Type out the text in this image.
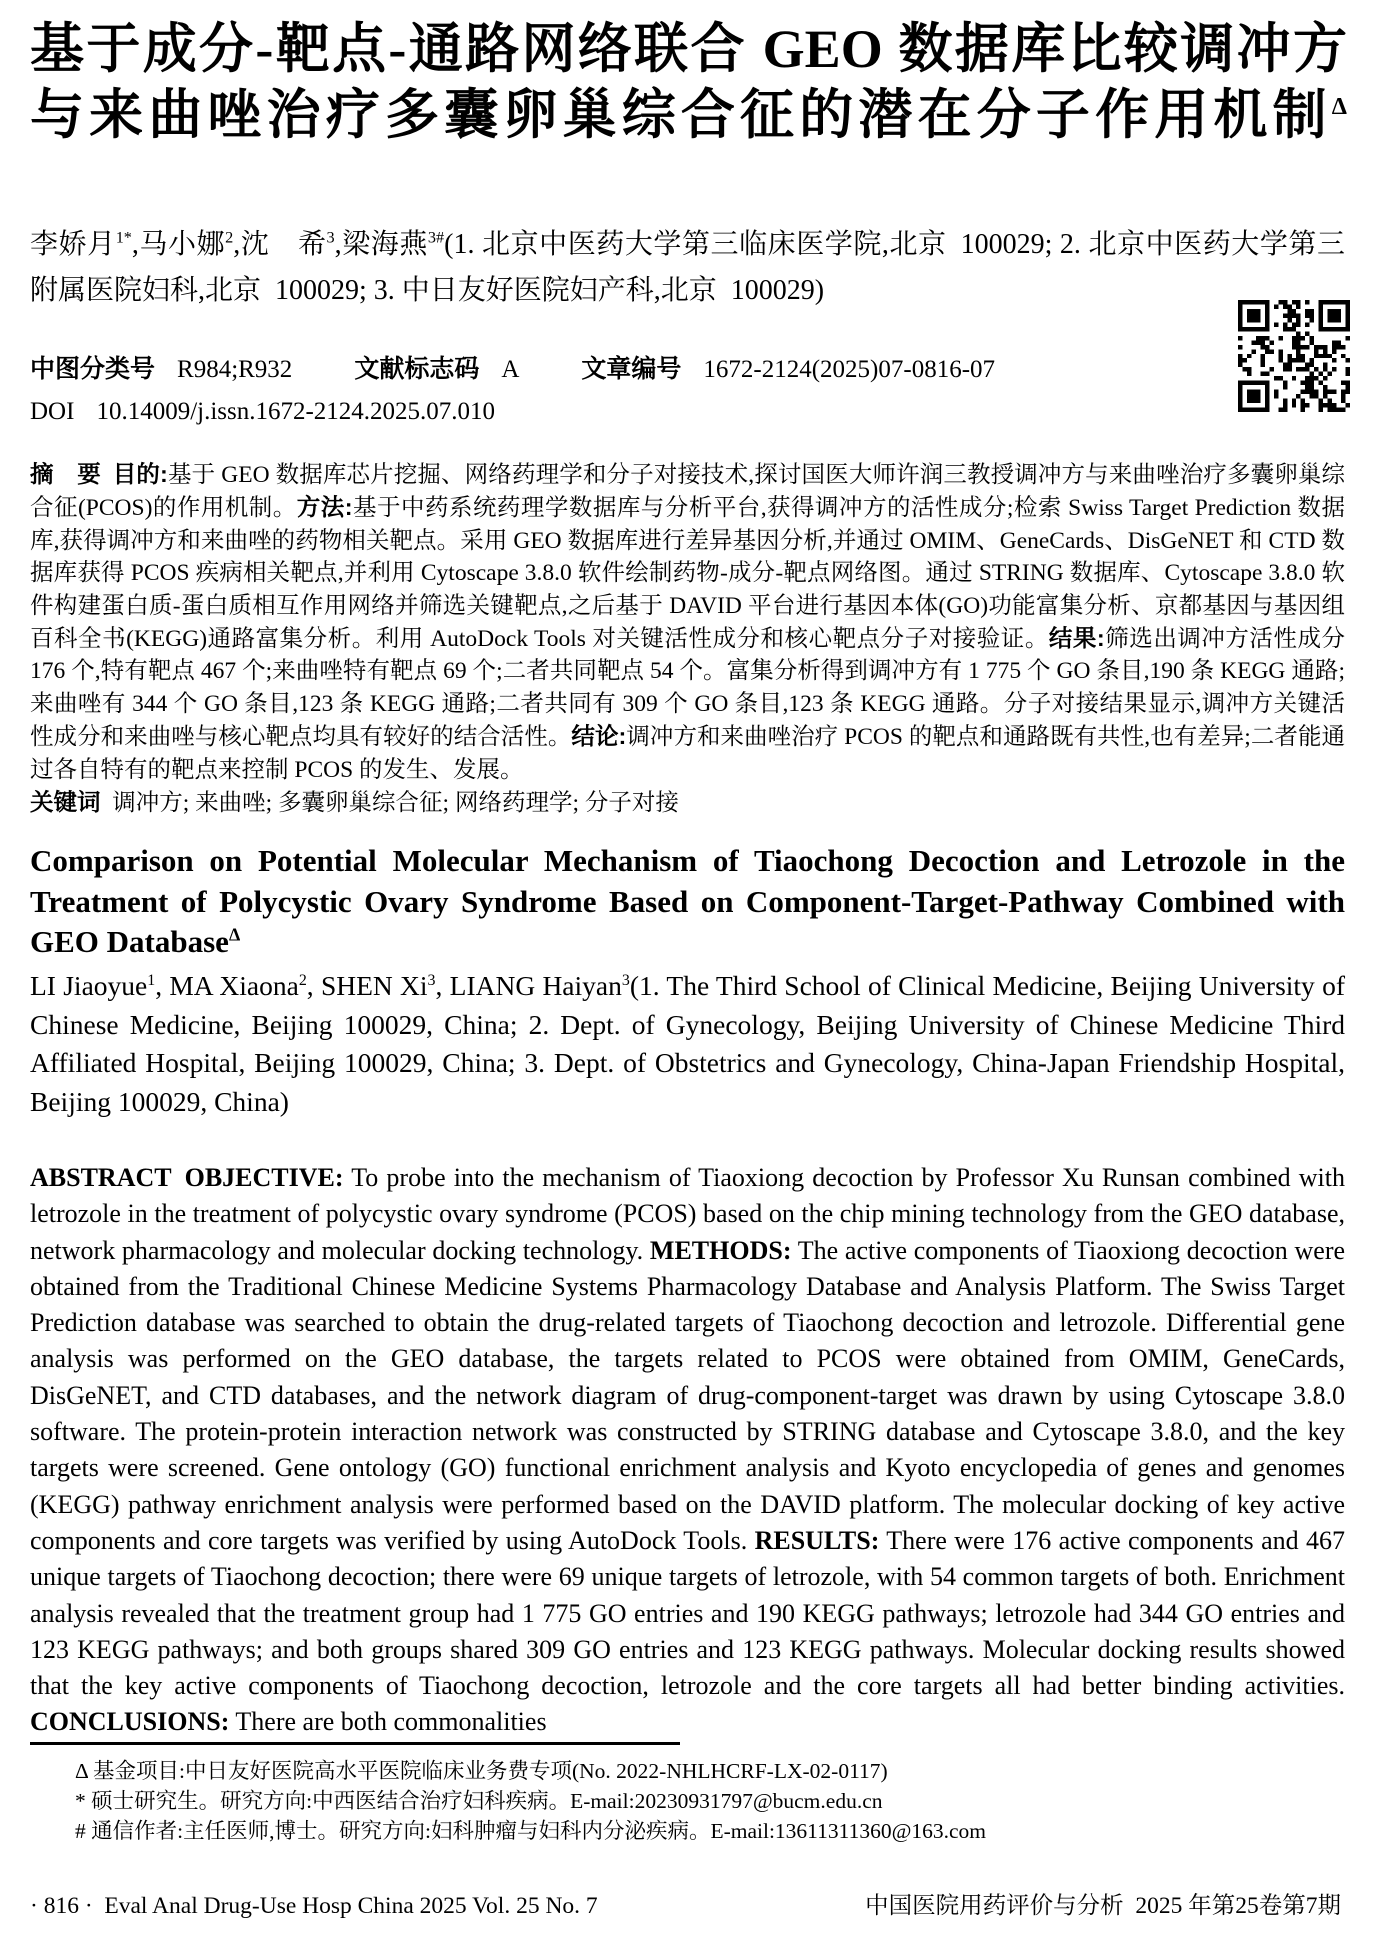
基于成分-靶点-通路网络联合 GEO 数据库比较调冲方
与来曲唑治疗多囊卵巢综合征的潜在分子作用机制$^\Delta$

李娇月$^{1*}$,马小娜$^2$,沈　希$^3$,梁海燕$^{3\#}$(1. 北京中医药大学第三临床医学院,北京 100029; 2. 北京中医药大学第三附属医院妇科,北京 100029; 3. 中日友好医院妇产科,北京 100029)

中图分类号 R984;R932 文献标志码 A 文章编号 1672-2124(2025)07-0816-07
DOI 10.14009/j.issn.1672-2124.2025.07.010

摘　要  目的:基于 GEO 数据库芯片挖掘、网络药理学和分子对接技术,探讨国医大师许润三教授调冲方与来曲唑治疗多囊卵巢综合征(PCOS)的作用机制。方法:基于中药系统药理学数据库与分析平台,获得调冲方的活性成分;检索 Swiss Target Prediction 数据库,获得调冲方和来曲唑的药物相关靶点。采用 GEO 数据库进行差异基因分析,并通过 OMIM、GeneCards、DisGeNET 和 CTD 数据库获得 PCOS 疾病相关靶点,并利用 Cytoscape 3.8.0 软件绘制药物-成分-靶点网络图。通过 STRING 数据库、Cytoscape 3.8.0 软件构建蛋白质-蛋白质相互作用网络并筛选关键靶点,之后基于 DAVID 平台进行基因本体(GO)功能富集分析、京都基因与基因组百科全书(KEGG)通路富集分析。利用 AutoDock Tools 对关键活性成分和核心靶点分子对接验证。结果:筛选出调冲方活性成分 176 个,特有靶点 467 个;来曲唑特有靶点 69 个;二者共同靶点 54 个。富集分析得到调冲方有 1 775 个 GO 条目,190 条 KEGG 通路;来曲唑有 344 个 GO 条目,123 条 KEGG 通路;二者共同有 309 个 GO 条目,123 条 KEGG 通路。分子对接结果显示,调冲方关键活性成分和来曲唑与核心靶点均具有较好的结合活性。结论:调冲方和来曲唑治疗 PCOS 的靶点和通路既有共性,也有差异;二者能通过各自特有的靶点来控制 PCOS 的发生、发展。

关键词  调冲方; 来曲唑; 多囊卵巢综合征; 网络药理学; 分子对接

Comparison on Potential Molecular Mechanism of Tiaochong Decoction and Letrozole in the
Treatment of Polycystic Ovary Syndrome Based on Component-Target-Pathway Combined with
GEO Database$^\Delta$

LI Jiaoyue$^1$, MA Xiaona$^2$, SHEN Xi$^3$, LIANG Haiyan$^3$(1. The Third School of Clinical Medicine, Beijing University of Chinese Medicine, Beijing 100029, China; 2. Dept. of Gynecology, Beijing University of Chinese Medicine Third Affiliated Hospital, Beijing 100029, China; 3. Dept. of Obstetrics and Gynecology, China-Japan Friendship Hospital, Beijing 100029, China)

ABSTRACT  OBJECTIVE: To probe into the mechanism of Tiaoxiong decoction by Professor Xu Runsan combined with letrozole in the treatment of polycystic ovary syndrome (PCOS) based on the chip mining technology from the GEO database, network pharmacology and molecular docking technology. METHODS: The active components of Tiaoxiong decoction were obtained from the Traditional Chinese Medicine Systems Pharmacology Database and Analysis Platform. The Swiss Target Prediction database was searched to obtain the drug-related targets of Tiaochong decoction and letrozole. Differential gene analysis was performed on the GEO database, the targets related to PCOS were obtained from OMIM, GeneCards, DisGeNET, and CTD databases, and the network diagram of drug-component-target was drawn by using Cytoscape 3.8.0 software. The protein-protein interaction network was constructed by STRING database and Cytoscape 3.8.0, and the key targets were screened. Gene ontology (GO) functional enrichment analysis and Kyoto encyclopedia of genes and genomes (KEGG) pathway enrichment analysis were performed based on the DAVID platform. The molecular docking of key active components and core targets was verified by using AutoDock Tools. RESULTS: There were 176 active components and 467 unique targets of Tiaochong decoction; there were 69 unique targets of letrozole, with 54 common targets of both. Enrichment analysis revealed that the treatment group had 1 775 GO entries and 190 KEGG pathways; letrozole had 344 GO entries and 123 KEGG pathways; and both groups shared 309 GO entries and 123 KEGG pathways. Molecular docking results showed that the key active components of Tiaochong decoction, letrozole and the core targets all had better binding activities. CONCLUSIONS: There are both commonalities

Δ 基金项目:中日友好医院高水平医院临床业务费专项(No. 2022-NHLHCRF-LX-02-0117)
* 硕士研究生。研究方向:中西医结合治疗妇科疾病。E-mail:20230931797@bucm.edu.cn
# 通信作者:主任医师,博士。研究方向:妇科肿瘤与妇科内分泌疾病。E-mail:13611311360@163.com
· 816 · Eval Anal Drug-Use Hosp China 2025 Vol. 25 No. 7	中国医院用药评价与分析 2025 年第25卷第7期
